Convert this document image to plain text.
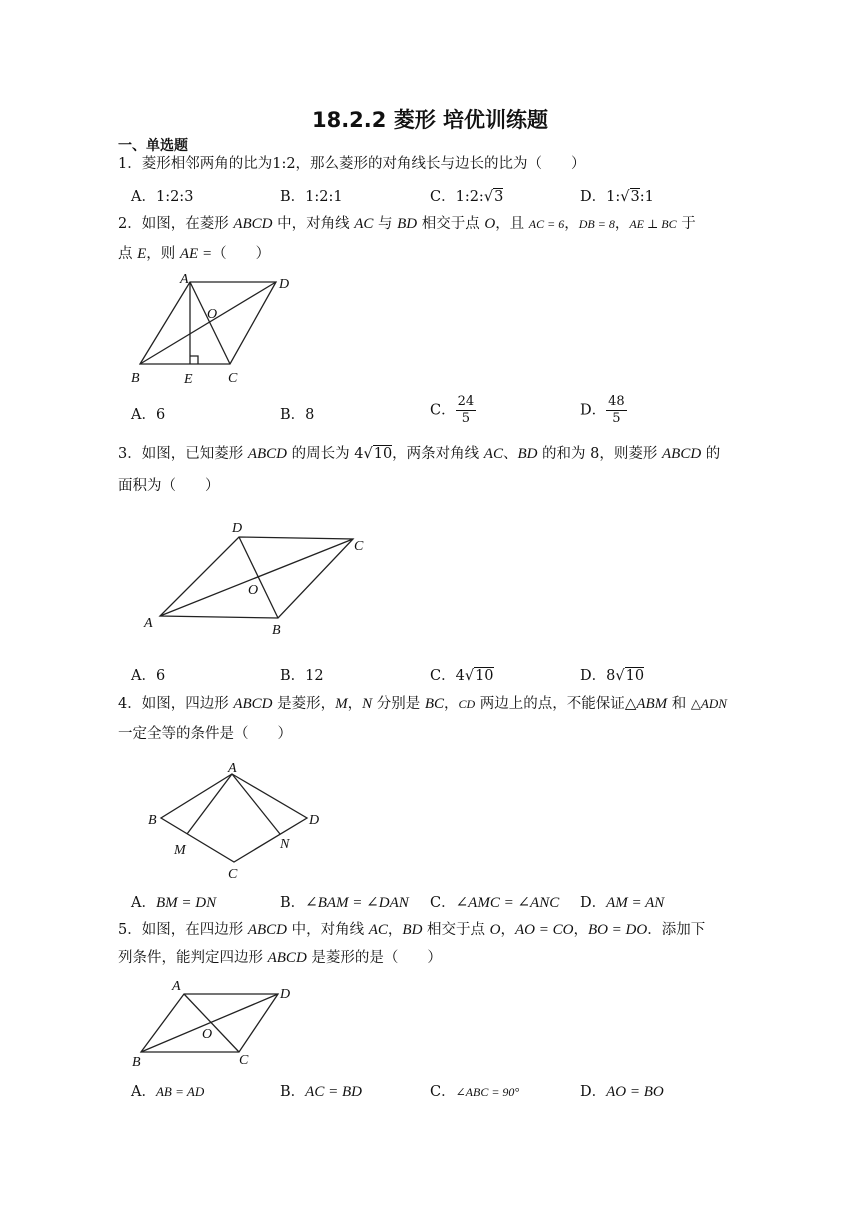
18.2.2 菱形 培优训练题
一、单选题
1．菱形相邻两角的比为1:2，那么菱形的对角线长与边长的比为（　　）
A．1:2:3	B．1:2:1	C．1:2:√3	D．1:√3:1
2．如图，在菱形 ABCD 中，对角线 AC 与 BD 相交于点 O，且 AC = 6，DB = 8，AE ⊥ BC 于
点 E，则 AE =（　　）
A	D
O
B	E	C
A．6	B．8	C． $\frac{24}{5}$	D． $\frac{48}{5}$
3．如图，已知菱形 ABCD 的周长为 4√10，两条对角线 AC、BD 的和为 8，则菱形 ABCD 的
面积为（　　）
D
C
O
A	B
A．6	B．12	C．4√10	D．8√10
4．如图，四边形 ABCD 是菱形，M，N 分别是 BC，CD 两边上的点，不能保证△ABM 和 △ADN
一定全等的条件是（　　）
A
B	D
M	N
C
A．BM = DN	B．∠BAM = ∠DAN C．∠AMC = ∠ANC D．AM = AN
5．如图，在四边形 ABCD 中，对角线 AC，BD 相交于点 O，AO = CO，BO = DO．添加下
列条件，能判定四边形 ABCD 是菱形的是（　　）
A
D
O
B	C
A．AB = AD	B．AC = BD	C．∠ABC = 90°	D．AO = BO
